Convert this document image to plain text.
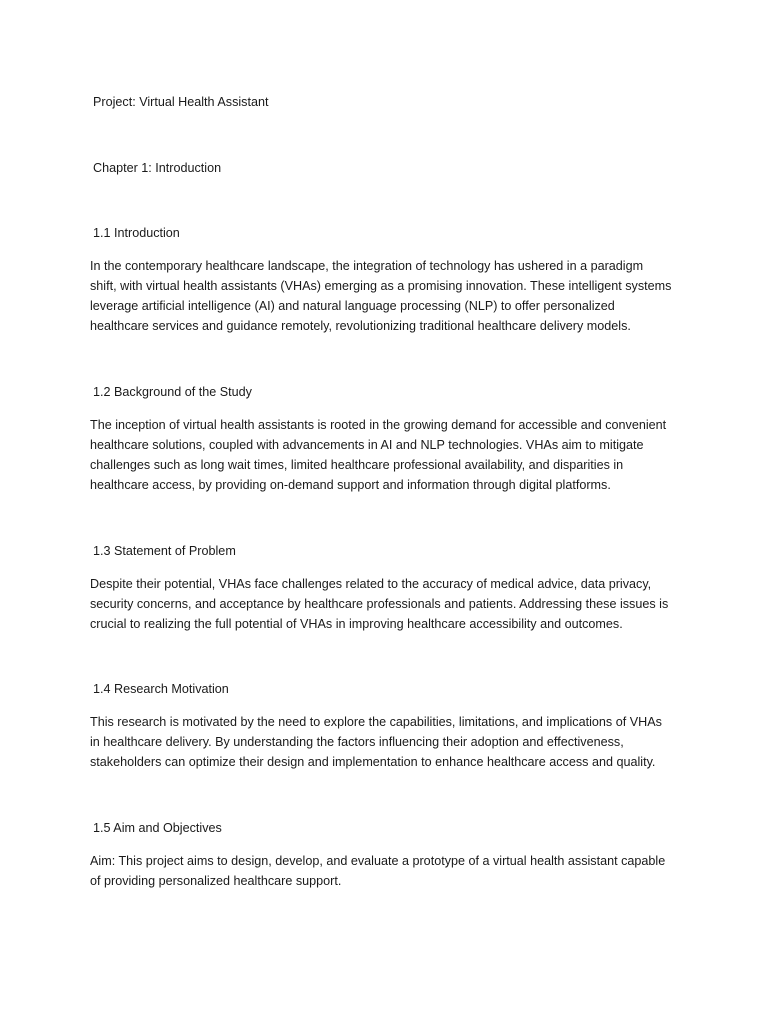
Project: Virtual Health Assistant

Chapter 1: Introduction

1.1 Introduction

In the contemporary healthcare landscape, the integration of technology has ushered in a paradigm

shift, with virtual health assistants (VHAs) emerging as a promising innovation. These intelligent systems

leverage artificial intelligence (AI) and natural language processing (NLP) to offer personalized

healthcare services and guidance remotely, revolutionizing traditional healthcare delivery models.

1.2 Background of the Study

The inception of virtual health assistants is rooted in the growing demand for accessible and convenient

healthcare solutions, coupled with advancements in AI and NLP technologies. VHAs aim to mitigate

challenges such as long wait times, limited healthcare professional availability, and disparities in

healthcare access, by providing on-demand support and information through digital platforms.

1.3 Statement of Problem

Despite their potential, VHAs face challenges related to the accuracy of medical advice, data privacy,

security concerns, and acceptance by healthcare professionals and patients. Addressing these issues is

crucial to realizing the full potential of VHAs in improving healthcare accessibility and outcomes.

1.4 Research Motivation

This research is motivated by the need to explore the capabilities, limitations, and implications of VHAs

in healthcare delivery. By understanding the factors influencing their adoption and effectiveness,

stakeholders can optimize their design and implementation to enhance healthcare access and quality.

1.5 Aim and Objectives

Aim: This project aims to design, develop, and evaluate a prototype of a virtual health assistant capable

of providing personalized healthcare support.
